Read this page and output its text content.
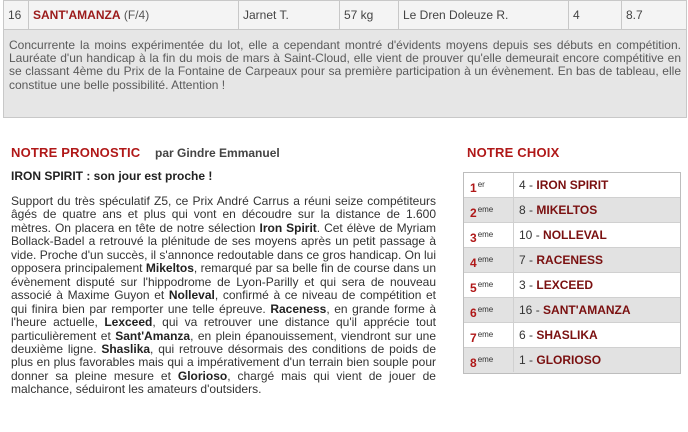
16 SANT'AMANZA (F/4)	Jarnet T.	57 kg	Le Dren Doleuze R.	4	8.7

Concurrente la moins expérimentée du lot, elle a cependant montré d'évidents moyens depuis ses débuts en compétition. Lauréate d'un handicap à la fin du mois de mars à Saint-Cloud, elle vient de prouver qu'elle demeurait encore compétitive en se classant 4ème du Prix de la Fontaine de Carpeaux pour sa première participation à un évènement. En bas de tableau, elle constitue une belle possibilité. Attention !

NOTRE PRONOSTIC par Gindre Emmanuel
IRON SPIRIT : son jour est proche !

Support du très spéculatif Z5, ce Prix André Carrus a réuni seize compétiteurs âgés de quatre ans et plus qui vont en découdre sur la distance de 1.600 mètres. On placera en tête de notre sélection Iron Spirit. Cet élève de Myriam Bollack-Badel a retrouvé la plénitude de ses moyens après un petit passage à vide. Proche d'un succès, il s'annonce redoutable dans ce gros handicap. On lui opposera principalement Mikeltos, remarqué par sa belle fin de course dans un évènement disputé sur l'hippodrome de Lyon-Parilly et qui sera de nouveau associé à Maxime Guyon et Nolleval, confirmé à ce niveau de compétition et qui finira bien par remporter une telle épreuve. Raceness, en grande forme à l'heure actuelle, Lexceed, qui va retrouver une distance qu'il apprécie tout particulièrement et Sant'Amanza, en plein épanouissement, viendront sur une deuxième ligne. Shaslika, qui retrouve désormais des conditions de poids de plus en plus favorables mais qui a impérativement d'un terrain bien souple pour donner sa pleine mesure et Glorioso, chargé mais qui vient de jouer de malchance, séduiront les amateurs d'outsiders.

NOTRE CHOIX
1er	4 - IRON SPIRIT
2eme	8 - MIKELTOS
3eme	10 - NOLLEVAL
4eme	7 - RACENESS
5eme	3 - LEXCEED
6eme	16 - SANT'AMANZA
7eme	6 - SHASLIKA
8eme	1 - GLORIOSO
